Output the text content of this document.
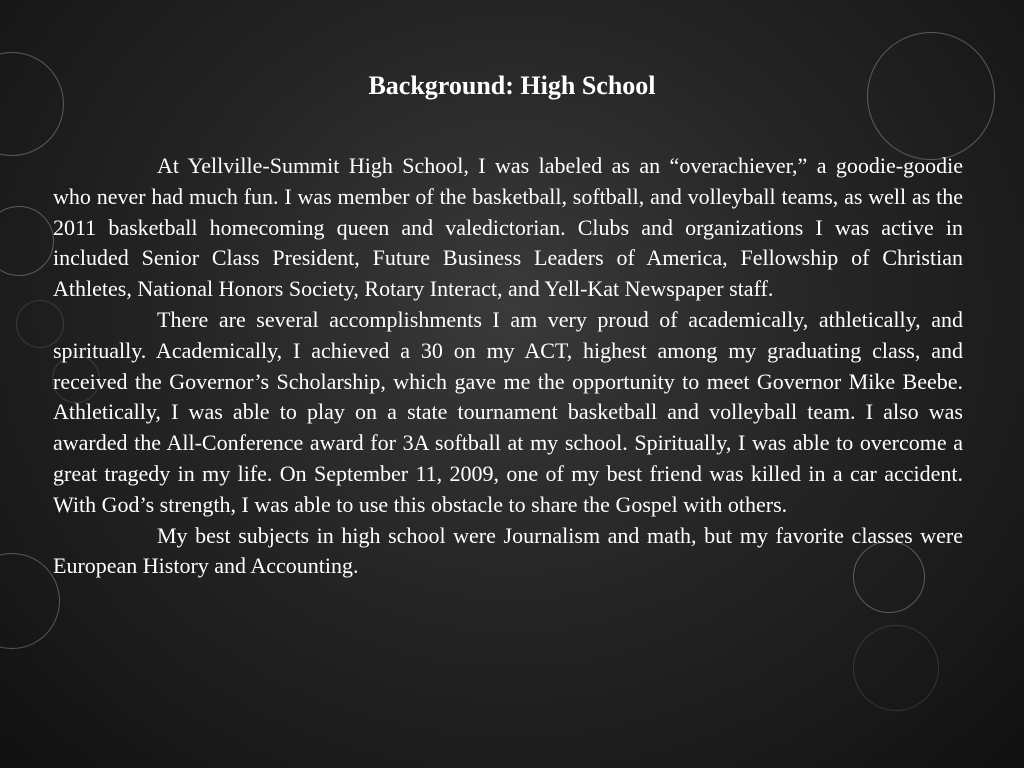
Background: High School

At Yellville-Summit High School, I was labeled as an “overachiever,” a goodie-goodie who never had much fun. I was member of the basketball, softball, and volleyball teams, as well as the 2011 basketball homecoming queen and valedictorian. Clubs and organizations I was active in included Senior Class President, Future Business Leaders of America, Fellowship of Christian Athletes, National Honors Society, Rotary Interact, and Yell-Kat Newspaper staff.

There are several accomplishments I am very proud of academically, athletically, and spiritually. Academically, I achieved a 30 on my ACT, highest among my graduating class, and received the Governor’s Scholarship, which gave me the opportunity to meet Governor Mike Beebe. Athletically, I was able to play on a state tournament basketball and volleyball team. I also was awarded the All-Conference award for 3A softball at my school. Spiritually, I was able to overcome a great tragedy in my life. On September 11, 2009, one of my best friend was killed in a car accident. With God’s strength, I was able to use this obstacle to share the Gospel with others.

My best subjects in high school were Journalism and math, but my favorite classes were European History and Accounting.
